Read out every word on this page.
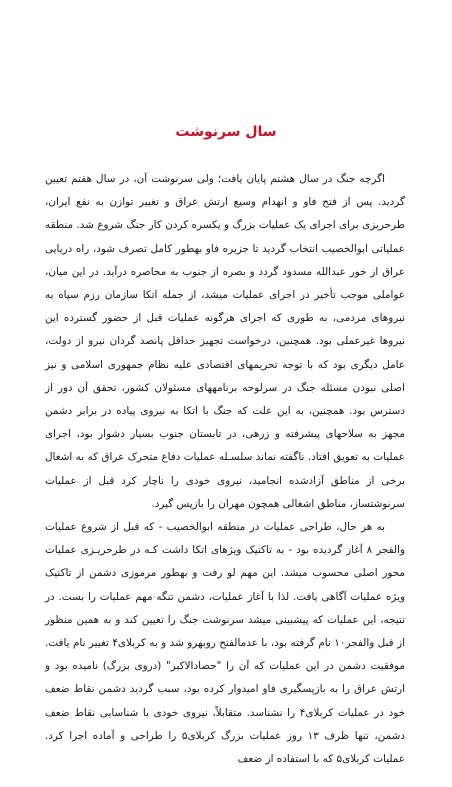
سال سرنوشت

اگرچه جنگ در سال هشتم پایان یافت؛ ولی سرنوشت آن، در سال هفتم تعیین گردید. پس از فتح فاو و انهدام وسیع ارتش عراق و تغییر توازن به نفع ایران، طرحریزی برای اجرای یک عملیات بزرگ و یکسره کردن کار جنگ شروع شد. منطقه عملیاتی ابوالخصیب انتخاب گردید تا جزیره فاو بهطور کامل تصرف شود، راه دریایی عراق از خور عبدالله مسدود گردد و بصره از جنوب به محاصره درآید. در این میان، عواملی موجب تأخیر در اجرای عملیات میشد، از جمله اتکا سازمان رزم سپاه به نیروهای مردمی، به طوری که اجرای هرگونه عملیات قبل از حضور گسترده این نیروها غیرعملی بود. همچنین، درخواست تجهیز حداقل پانصد گردان نیرو از دولت، عامل دیگری بود که با توجه تحریمهای اقتصادی علیه نظام جمهوری اسلامی و نیز اصلی نبودن مسئله جنگ در سرلوحه برنامههای مسئولان کشور، تحقق آن دور از دسترس بود. همچنین، به این علت که جنگ با اتکا به نیروی پیاده در برابر دشمن مجهز به سلاحهای پیشرفته و زرهی، در تابستان جنوب بسیار دشوار بود، اجرای عملیات به تعویق افتاد. ناگفته نماند سلسـله عملیات دفاع متحرک عراق که به اشغال برخی از مناطق آزادشده انجامید، نیروی خودی را ناچار کرد قبل از عملیات سرنوشتساز، مناطق اشغالی همچون مهران را بازپس گیرد.

به هر حال، طراحی عملیات در منطقه ابوالخصیب - که قبل از شروع عملیات والفجر ۸ آغاز گردیده بود - به تاکتیک ویژهای اتکا داشت کـه در طرحریـزی عملیات محور اصلی محسوب میشد. این مهم لو رفت و بهطور مرموزی دشمن از تاکتیک ویژه عملیات آگاهی یافت. لذا با آغاز عملیات، دشمن تنگه مهم عملیات را بست. در نتیجه، این عملیات که پیشبینی میشد سرنوشت جنگ را تعیین کند و به همین منظور از قبل والفجر۱۰ نام گرفته بود، با عدمالفتح روبهرو شد و به کربلای۴ تغییر نام یافت. موفقیت دشمن در این عملیات که آن را "حصادالاکبر" (دروی بزرگ) نامیده بود و ارتش عراق را به بازپسگیری فاو امیدوار کرده بود، سبب گردید دشمن نقاط ضعف خود در عملیات کربلای۴ را نشناسد. متقابلاً، نیروی خودی با شناسایی نقاط ضعف دشمن، تنها ظرف ۱۳ روز عملیات بزرگ کربلای۵ را طراحی و آماده اجرا کرد. عملیات کربلای۵ که با استفاده از ضعف
